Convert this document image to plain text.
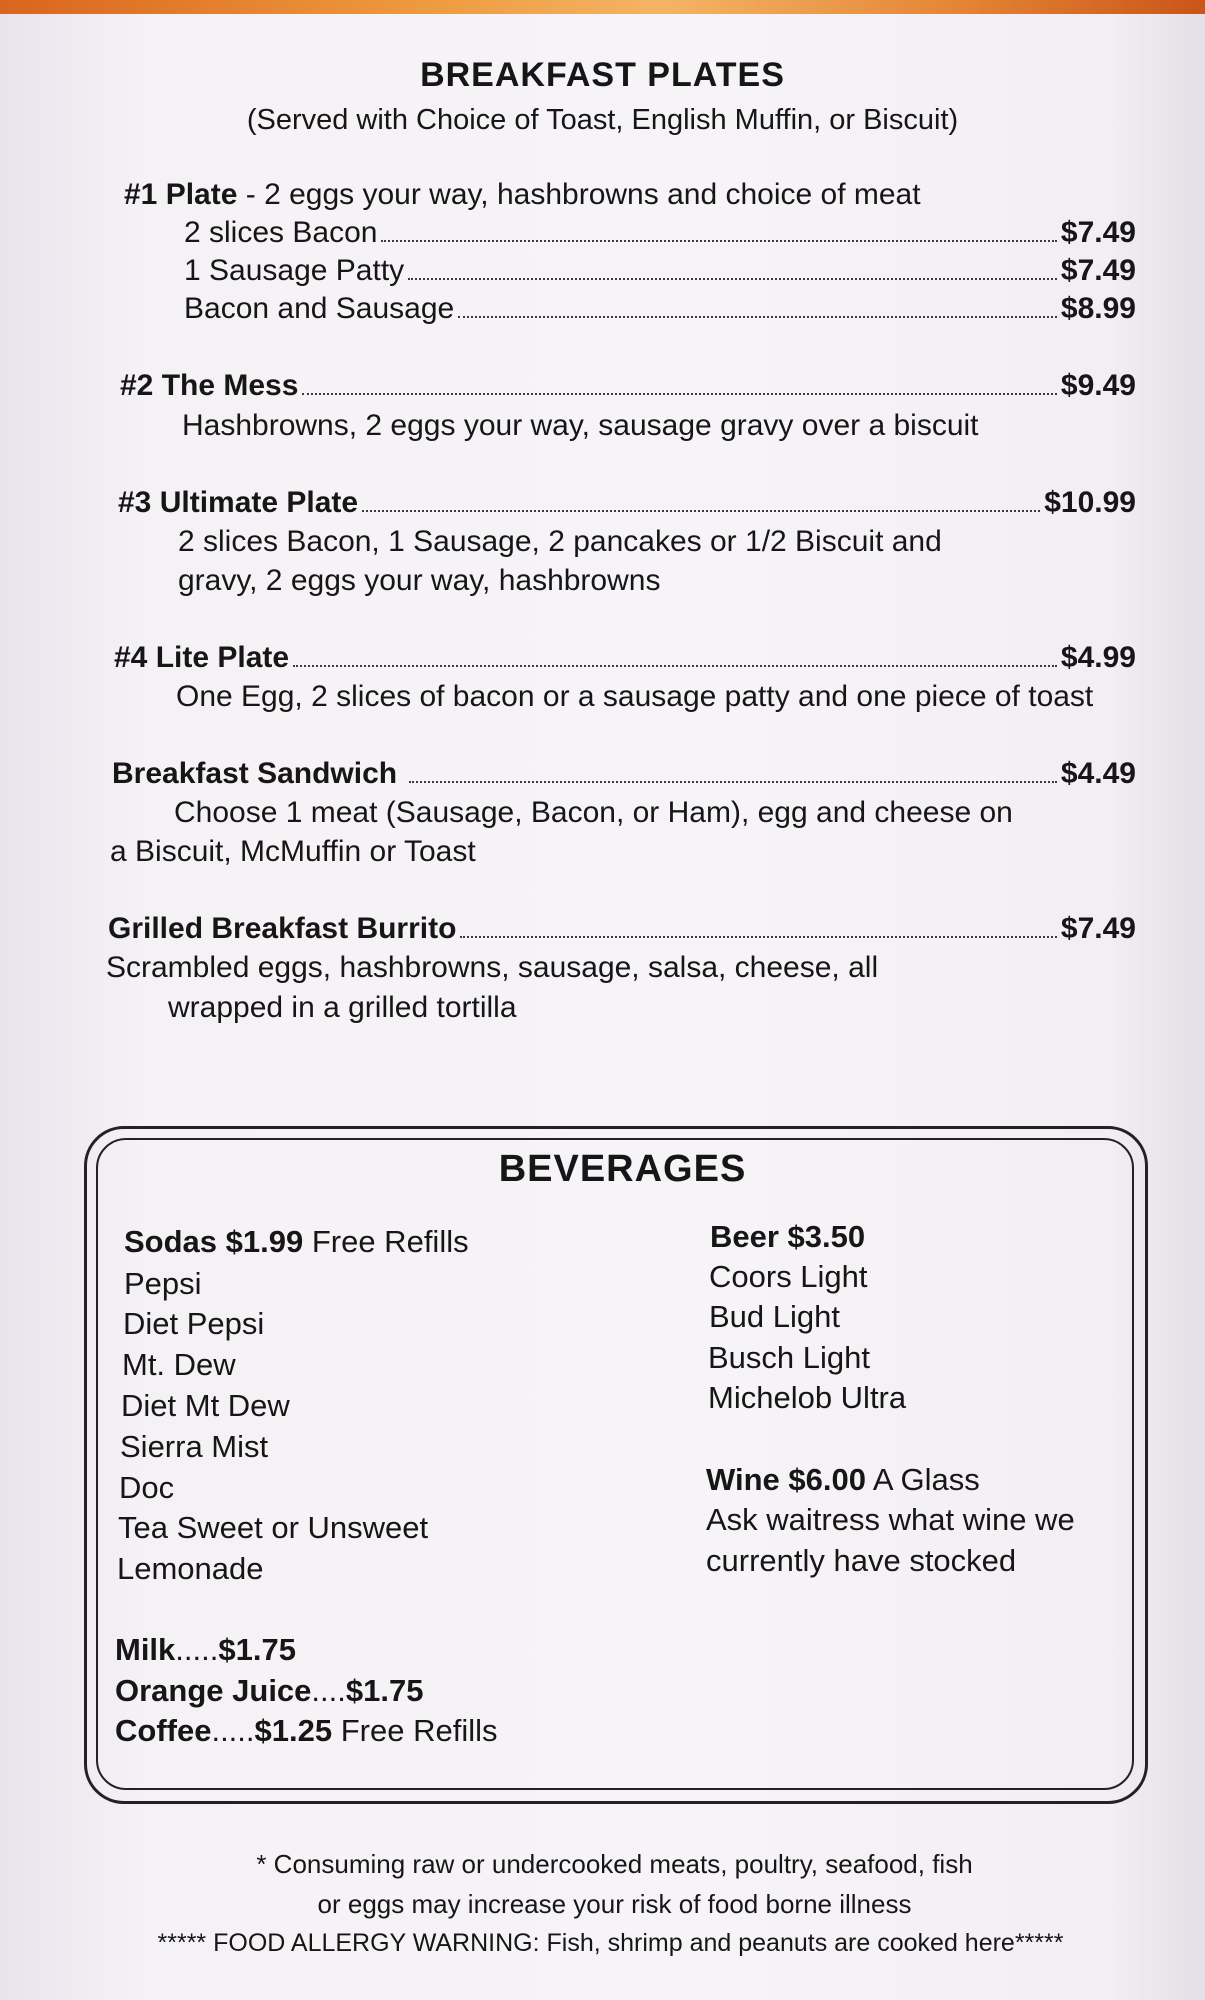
BREAKFAST PLATES
(Served with Choice of Toast, English Muffin, or Biscuit)
#1 Plate - 2 eggs your way, hashbrowns and choice of meat
2 slices Bacon	$7.49
1 Sausage Patty	$7.49
Bacon and Sausage	$8.99
#2 The Mess	$9.49
Hashbrowns, 2 eggs your way, sausage gravy over a biscuit
#3 Ultimate Plate	$10.99
2 slices Bacon, 1 Sausage, 2 pancakes or 1/2 Biscuit and
gravy, 2 eggs your way, hashbrowns
#4 Lite Plate	$4.99
One Egg, 2 slices of bacon or a sausage patty and one piece of toast
Breakfast Sandwich	$4.49
Choose 1 meat (Sausage, Bacon, or Ham), egg and cheese on
a Biscuit, McMuffin or Toast
Grilled Breakfast Burrito	$7.49
Scrambled eggs, hashbrowns, sausage, salsa, cheese, all
wrapped in a grilled tortilla
BEVERAGES
Sodas $1.99 Free Refills
Pepsi
Diet Pepsi
Mt. Dew
Diet Mt Dew
Sierra Mist
Doc
Tea Sweet or Unsweet
Lemonade
Beer $3.50
Coors Light
Bud Light
Busch Light
Michelob Ultra
Wine $6.00 A Glass
Ask waitress what wine we
currently have stocked
Milk.....$1.75
Orange Juice....$1.75
Coffee.....$1.25 Free Refills
* Consuming raw or undercooked meats, poultry, seafood, fish
or eggs may increase your risk of food borne illness
***** FOOD ALLERGY WARNING: Fish, shrimp and peanuts are cooked here*****
